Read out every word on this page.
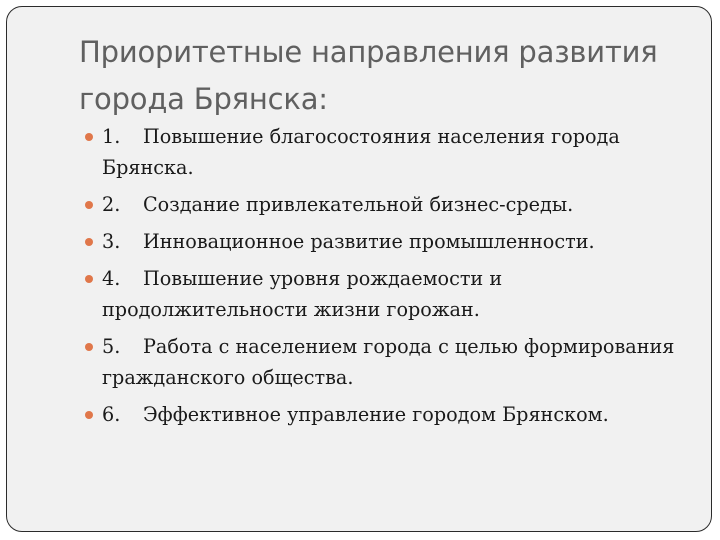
Приоритетные направления развития города Брянска:
1. Повышение благосостояния населения города Брянска.
2. Создание привлекательной бизнес-среды.
3. Инновационное развитие промышленности.
4. Повышение уровня рождаемости и продолжительности жизни горожан.
5. Работа с населением города с целью формирования гражданского общества.
6. Эффективное управление городом Брянском.
